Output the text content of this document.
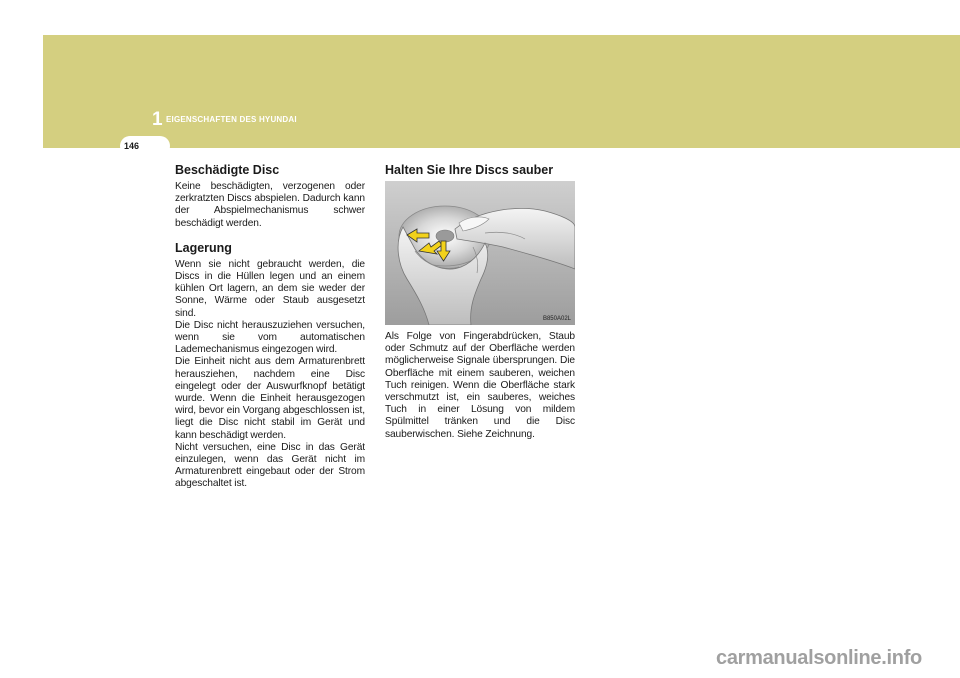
1 EIGENSCHAFTEN DES HYUNDAI
146
Beschädigte Disc

Keine beschädigten, verzogenen oder zerkratzten Discs abspielen. Dadurch kann der Abspielmechanismus schwer beschädigt werden.

Lagerung

Wenn sie nicht gebraucht werden, die Discs in die Hüllen legen und an einem kühlen Ort lagern, an dem sie weder der Sonne, Wärme oder Staub ausgesetzt sind.

Die Disc nicht herauszuziehen versuchen, wenn sie vom automatischen Lademechanismus eingezogen wird.

Die Einheit nicht aus dem Armaturenbrett herausziehen, nachdem eine Disc eingelegt oder der Auswurfknopf betätigt wurde. Wenn die Einheit herausgezogen wird, bevor ein Vorgang abgeschlossen ist, liegt die Disc nicht stabil im Gerät und kann beschädigt werden.

Nicht versuchen, eine Disc in das Gerät einzulegen, wenn das Gerät nicht im Armaturenbrett eingebaut oder der Strom abgeschaltet ist.

Halten Sie Ihre Discs sauber
B850A02L

Als Folge von Fingerabdrücken, Staub oder Schmutz auf der Oberfläche werden möglicherweise Signale übersprungen. Die Oberfläche mit einem sauberen, weichen Tuch reinigen. Wenn die Oberfläche stark verschmutzt ist, ein sauberes, weiches Tuch in einer Lösung von mildem Spülmittel tränken und die Disc sauberwischen. Siehe Zeichnung.

carmanualsonline.info
